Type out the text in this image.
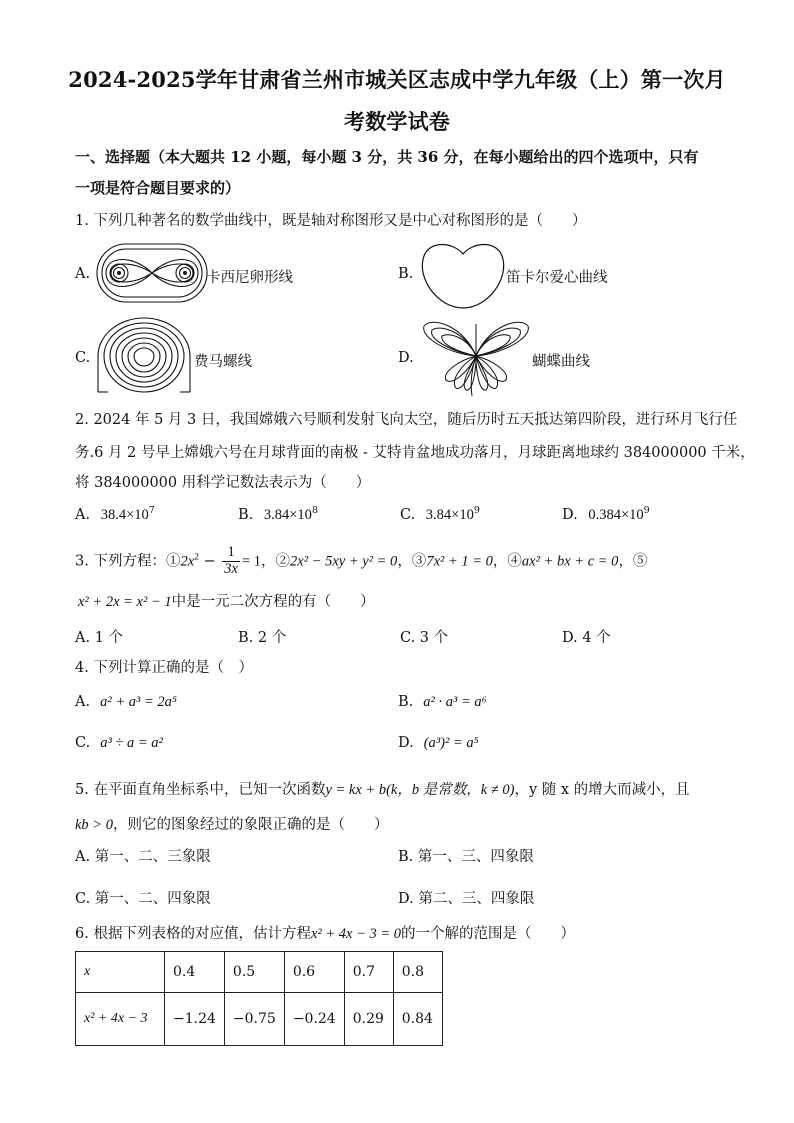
2024-2025学年甘肃省兰州市城关区志成中学九年级（上）第一次月
考数学试卷
一、选择题（本大题共 12 小题，每小题 3 分，共 36 分，在每小题给出的四个选项中，只有
一项是符合题目要求的）
1. 下列几种著名的数学曲线中，既是轴对称图形又是中心对称图形的是（　　）
A.	卡西尼卵形线	B.	笛卡尔爱心曲线
C.	费马螺线	D.	蝴蝶曲线
2. 2024 年 5 月 3 日，我国嫦娥六号顺利发射飞向太空，随后历时五天抵达第四阶段，进行环月飞行任
务.6 月 2 号早上嫦娥六号在月球背面的南极 - 艾特肯盆地成功落月，月球距离地球约 384000000 千米，
将 384000000 用科学记数法表示为（　　）
A. $38.4\times 10^7$	B. $3.84\times 10^8$	C. $3.84\times 10^9$	D. $0.384\times 10^9$
3. 下列方程：$①2x^2 - \frac{1}{3x} = 1$，②2x² − 5xy + y² = 0，③7x² + 1 = 0，④ax² + bx + c = 0，⑤
x² + 2x = x² − 1中是一元二次方程的有（　　）
A. 1 个	B. 2 个	C. 3 个	D. 4 个
4. 下列计算正确的是（　）
A. a² + a³ = 2a⁵	B. a² · a³ = a⁶
C. a³ ÷ a = a²	D. (a³)² = a⁵
5. 在平面直角坐标系中，已知一次函数y = kx + b(k，b 是常数，k ≠ 0)，y 随 x 的增大而减小，且
kb > 0，则它的图象经过的象限正确的是（　　）
A. 第一、二、三象限	B. 第一、三、四象限
C. 第一、二、四象限	D. 第二、三、四象限
6. 根据下列表格的对应值，估计方程x² + 4x − 3 = 0的一个解的范围是（　　）
x	0.4	0.5	0.6	0.7	0.8
x² + 4x − 3	−1.24	−0.75	−0.24	0.29	0.84
